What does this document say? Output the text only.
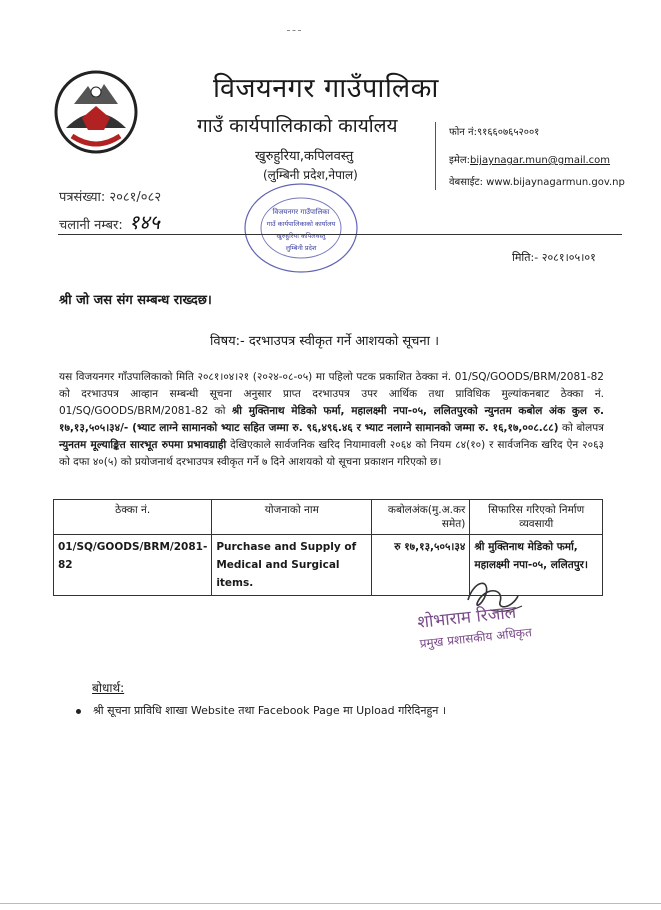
विजयनगर गाउँपालिका
गाउँ कार्यपालिकाको कार्यालय
खुरुहुरिया,कपिलवस्तु
(लुम्बिनी प्रदेश,नेपाल)
फोन नं:९१६६०७६५२००१
इमेल:bijaynagar.mun@gmail.com
वेबसाईट: www.bijaynagarmun.gov.np
विजयनगर गाउँपालिका
गाउँ कार्यपालिकाको कार्यालय
खुरुहुरिया कपिलवस्तु
लुम्बिनी प्रदेश
पत्रसंख्या: २०८१/०८२
चलानी नम्बर: १४५
मिति:- २०८१।०५।०१
श्री जो जस संग सम्बन्ध राख्दछ।
विषय:- दरभाउपत्र स्वीकृत गर्ने आशयको सूचना ।
यस विजयनगर गाँउपालिकाको मिति २०८१।०४।२१ (२०२४-०८-०५) मा पहिलो पटक प्रकाशित ठेक्का नं. 01/SQ/GOODS/BRM/2081-82 को दरभाउपत्र आव्हान सम्बन्धी सूचना अनुसार प्राप्त दरभाउपत्र उपर आर्थिक तथा प्राविधिक मुल्यांकनबाट ठेक्का नं. 01/SQ/GOODS/BRM/2081-82 को श्री मुक्तिनाथ मेडिको फर्मा, महालक्ष्मी नपा-०५, ललितपुरको न्युनतम कबोल अंक कुल रु. १७,१३,५०५।३४/- (भ्याट लाग्ने सामानको भ्याट सहित जम्मा रु. ९६,४९६.४६ र भ्याट नलाग्ने सामानको जम्मा रु. १६,१७,००८.८८) को बोलपत्र न्युनतम मूल्याङ्कित सारभूत रुपमा प्रभावग्राही देखिएकाले सार्वजनिक खरिद नियामावली २०६४ को नियम ८४(१०) र सार्वजनिक खरिद ऐन २०६३ को दफा ४०(५) को प्रयोजनार्थ दरभाउपत्र स्वीकृत गर्ने ७ दिने आशयको यो सूचना प्रकाशन गरिएको छ।
ठेक्का नं.	योजनाको नाम	कबोलअंक(मु.अ.कर समेत)	सिफारिस गरिएको निर्माण व्यवसायी
01/SQ/GOODS/BRM/2081-82	Purchase and Supply of Medical and Surgical items.	रु १७,१३,५०५।३४	श्री मुक्तिनाथ मेडिको फर्मा, महालक्ष्मी नपा-०५, ललितपुर।
शोभाराम रिजाल
प्रमुख प्रशासकीय अधिकृत
बोधार्थ:
श्री सूचना प्राविधि शाखा Website तथा Facebook Page मा Upload गरिदिनहुन ।
